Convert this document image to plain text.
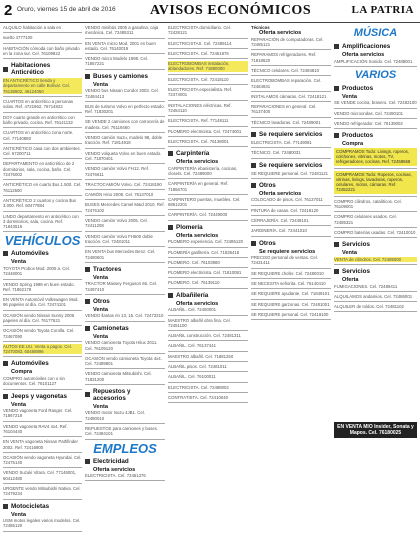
2 Oruro, viernes 15 de abril de 2016 AVISOS ECONÓMICOS	LA PATRIA
ALQUILO habitación a sala en
suelto 4777100
HABITACIÓN cómoda con baño privado en la zona sur. Cel. 76109822
Habitaciones Anticrético
EN ANTICRÉTICO tienda y departamento en calle Bolívar. Cel. 76138802, 46124050
CUARTOS en anticrético a personas solas. Ref. 4721962, 76714822
DOY cuarto grande en anticrético con baño privado, cocina. Ref. 76141132
CUARTOS en anticrético zona norte. Cel. 77140880
ANTICRÉTICO casa con dos ambientes. Cel. 67200711
DEPARTAMENTO en anticrético de 2 dormitorios, sala, cocina, baño. Cel. 72476002
ANTICRÉTICO en cuarto $us 1.500. Cel. 76112500
ANTICRÉTICO 2 cuartos y cocina $us 3.000. Ref. 60477884
LINDO departamento en anticrético con 3 dormitorios, sala, cocina. Ref. 71843516
VEHÍCULOS
Automóviles
Venta
TOYOTA Probox Mod. 2005 a. Cel. 72448001
VENDO Spring 1998 en buen estado. Ref. 71862179
EN VENTA Automóvil Volkswagen Mod. 96 papeles al día. Cel. 72474101
OCASIÓN vendo Nissan Sunny 2006 papeles al día. Cel. 76177621
OCASIÓN vendo Toyota Corolla. Cel. 72467090
AUTOS EE.UU. Venta a pagos. Cel. 72470083, 60488896
Automóviles
Compra
COMPRO automóviles con o sin documentos. Cel. 76101127
Jeeps y vagonetas
Venta
VENDO vagoneta Ford Ranger. Cel. 71867218
VENDO vagoneta RAV4 4x4. Ref. 76104440
EN VENTA vagoneta Nissan Pathfinder 2002. Ref. 72416900
OCASIÓN vendo vagoneta Hyundai. Cel. 72475140
VENDO Suzuki Vitara. Cel. 77146001, 60412480
URGENTE vendo Mitsubishi Nativa. Cel. 72479234
Motocicletas
Venta
USM motos legales varios modelos. Cel. 72485120
VENDO minibús 2005 a gasolina, caja mecánica. Cel. 72485311
EN VENTA micro Mod. 2001 en buen estado. Cel. 76140019
VENDO micro Modelo 1998. Cel. 71857221
Buses y camiones
Venta
VENDO bus Nissan Condor 2003. Cel. 72484413
BUS de turismo Volvo en perfecto estado. Ref. 71830201
SE VENDE 2 camiones con carrocería de madera. Cel. 76119460
VENDO camión Isuzu, modelo 98, doble tracción. Ref. 71814918
VENDO volqueta Volvo en buen estado. Cel. 71870401
VENDO camión Volvo FH12. Ref. 72476611
TRACTOCAMIÓN Volvo. Cel. 72418190
CAMIÓN Hino 2008. Cel. 76137010
BUSES Mercedes Camel Maid 2010. Ref. 72476102
VENDO camión Volvo 2005. Cel. 72411208
VENDO camión Volvo FH500 doble tracción. Cel. 72481011
EN VENTA bus Mercedes Benz. Cel. 72480601
Tractores
Venta
TRACTOR Massey Ferguson 65. Cel. 72497410
Otros
Venta
VENDO llantas rin 13, 15. Cel. 72473310
Camionetas
Venta
VENDO camioneta Toyota Hilux 2011. Cel. 76109120
OCASIÓN vendo camioneta Toyota 4x4. Cel. 72489801
VENDO camioneta Mitsubishi. Cel. 71831200
Repuestos y accesorios
Venta
VENDO motor Isuzu 4JB1. Cel. 72480010
REPUESTOS para camiones y buses. Cel. 72484101
EMPLEOS
Electricidad
Oferta servicios
ELECTRICISTA. Cel. 72451376
ELECTRICISTA domiciliario. Cel. 72428121
ELECTRICISTAS. Cel. 72489114
ELECTRICISTA. Cel. 72451976
ELECTROBOMBAS instalación, ablandadores. Ref. 71880000
ELECTRICISTA. Cel. 72418110
ELECTRICISTA especialista. Ref. 72474001
INSTALACIONES eléctricas. Ref. 72454110
ELECTRICISTA. Ref. 77148111
PLOMERO electricista. Cel. 72474001
ELECTRICISTA. Cel. 76138001
Carpintería
Oferta servicios
CARPINTERÍA ebanistería, cocinas, closets. Cel. 72489000
CARPINTERÍA en general. Ref. 71866701
CARPINTERO puertas, muebles. Cel. 68512201
CARPINTERÍA. Cel. 72449000
Plomería
Oferta servicios
PLOMERO experiencia. Cel. 72485120
PLOMERÍA gasfitería. Cel. 71836418
PLOMERO. Cel. 76103980
PLOMERO electricista. Cel. 71810081
PLOMERO. Cel. 76139110
Albañilería
Oferta servicios
ALBAÑIL. Cel. 72480001
MAESTRO albañil obra fina. Cel. 72451100
ALBAÑIL construcción. Cel. 72481311
ALBAÑIL. Cel. 76137441
MAESTRO albañil. Cel. 71881250
ALBAÑIL pisos. Cel. 72481011
ALBAÑIL. Cel. 76100011
ELECTRICISTA. Cel. 72498002
CONTRATISTA. Cel. 72410040
Técnicos
Oferta servicios
REPARACIÓN de computadoras. Cel. 72485121
REPARAMOS refrigeradores. Ref. 71818620
TÉCNICO celulares. Cel. 72484810
ELECTROBOMBAS reparación. Cel. 72484831
INSTALAMOS cámaras. Cel. 72418121
REPARACIONES en general. Cel. 76137400
TÉCNICO lavadoras. Cel. 72489001
Se requiere servicios
ELECTRICISTA. Cel. 77149081
TÉCNICO. Cel. 72480031
Se requiere servicios
SE REQUIERE personal. Cel. 72481121
Otros
Oferta servicios
COLOCADO de pisos. Cel. 76137011
PINTURA de casas. Cel. 72418120
CERRAJERÍA. Cel. 72448101
JARDINERÍA. Cel. 72441010
Otros
Se requiere servicios
PRECISO personal de ventas. Cel. 72431411
SE REQUIERE chofer. Cel. 72480010
SE NECESITA señorita. Cel. 76140410
SE REQUIERE ayudante. Cel. 71849101
SE REQUIERE garzonas. Cel. 72481001
SE REQUIERE personal. Cel. 72419100
MÚSICA
Amplificaciones
Oferta servicios
AMPLIFICACIÓN Sonido. Cel. 72488001
VARIOS
Productos
Venta
SE VENDE cocina, brasero. Cel. 72482100
VENDO microondas. Cel. 72480101
VENDO refrigerador. Cel. 76139002
Productos
Compra
COMPRAMOS Todo: Livings, roperos, colchones, vitrinas, motos, TV, refrigeradores, cocinas. Ref. 72458568
COMPRAMOS Todo: Roperos, cocinas, vitrinas, livings, lavadoras, roperos, celulares, motos, cámaras. Ref. 72452221
COMPRO cilindros, catalíticos. Cel. 76109001
COMPRO celulares usados. Cel. 72485321
COMPRO baterías usadas. Cel. 72410010
Servicios
Venta
VENTA de cilindros. Cel. 72485000
Servicios
Oferta
FUMIGACIONES. Cel. 72489411
ALQUILAMOS andamios. Cel. 72486001
ALQUILER de toldos. Cel. 72481102
EN VENTA MIO Insider, Sonata y Mapos. Cel. 76180025
